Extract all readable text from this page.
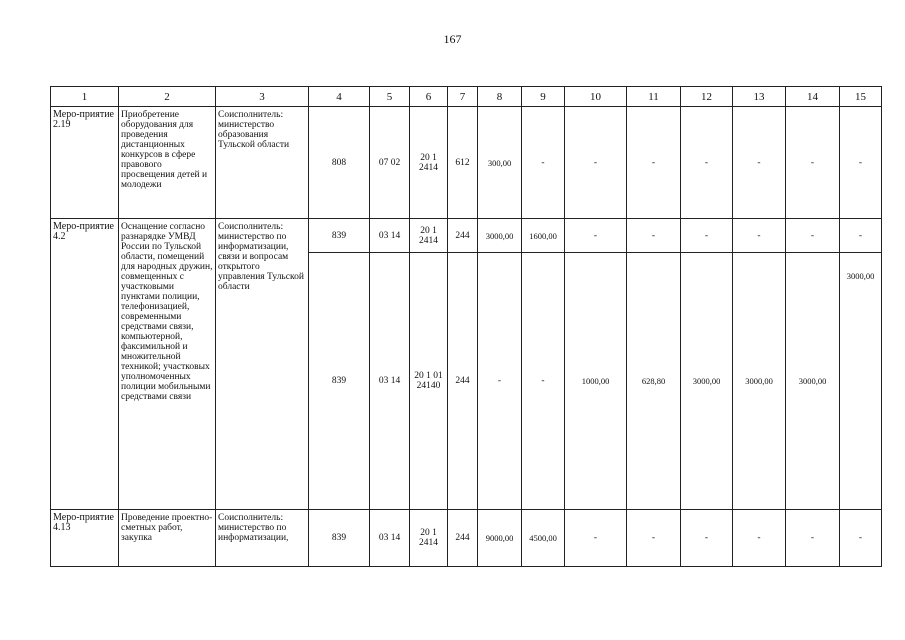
167
1	2	3	4	5	6	7	8	9	10	11	12	13	14	15
Меро-приятие 2.19	Приобретение оборудования для проведения дистанционных конкурсов в сфере правового просвещения детей и молодежи	Соисполнитель: министерство образования Тульской области	808	07 02	20 1 2414	612	300,00	-	-	-	-	-	-	-
Меро-приятие 4.2	Оснащение согласно разнарядке УМВД России по Тульской области, помещений для народных дружин, совмещенных с участковыми пунктами полиции, телефонизацией, современными средствами связи, компьютерной, факсимильной и множительной техникой; участковых уполномоченных полиции мобильными средствами связи	Соисполнитель: министерство по информатизации, связи и вопросам открытого управления Тульской области	839	03 14	20 1 2414	244	3000,00	1600,00	-	-	-	-	-	-
			839	03 14	20 1 01 24140	244	-	-	1000,00	628,80	3000,00	3000,00	3000,00	3000,00
Меро-приятие 4.13	Проведение проектно-сметных работ, закупка	Соисполнитель: министерство по информатизации,	839	03 14	20 1 2414	244	9000,00	4500,00	-	-	-	-	-	-
